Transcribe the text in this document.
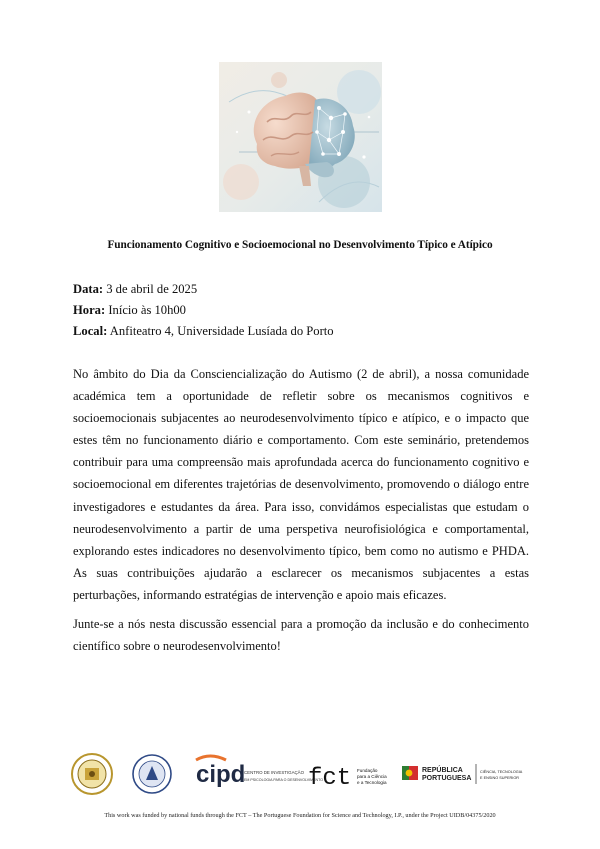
Funcionamento Cognitivo e Socioemocional no Desenvolvimento Típico e Atípico
Data: 3 de abril de 2025
Hora: Início às 10h00
Local: Anfiteatro 4, Universidade Lusíada do Porto
No âmbito do Dia da Consciencialização do Autismo (2 de abril), a nossa comunidade académica tem a oportunidade de refletir sobre os mecanismos cognitivos e socioemocionais subjacentes ao neurodesenvolvimento típico e atípico, e o impacto que estes têm no funcionamento diário e comportamento. Com este seminário, pretendemos contribuir para uma compreensão mais aprofundada acerca do funcionamento cognitivo e socioemocional em diferentes trajetórias de desenvolvimento, promovendo o diálogo entre investigadores e estudantes da área. Para isso, convidámos especialistas que estudam o neurodesenvolvimento a partir de uma perspetiva neurofisiológica e comportamental, explorando estes indicadores no desenvolvimento típico, bem como no autismo e PHDA. As suas contribuições ajudarão a esclarecer os mecanismos subjacentes a estas perturbações, informando estratégias de intervenção e apoio mais eficazes.
Junte-se a nós nesta discussão essencial para a promoção da inclusão e do conhecimento científico sobre o neurodesenvolvimento!
cipd
CENTRO DE INVESTIGAÇÃO
EM PSICOLOGIA PARA O DESENVOLVIMENTO
fct Fundação
para a Ciência
e a Tecnologia
REPÚBLICA
PORTUGUESA
CIÊNCIA, TECNOLOGIA
E ENSINO SUPERIOR
This work was funded by national funds through the FCT – The Portuguese Foundation for Science and Technology, I.P., under the Project UIDB/04375/2020
